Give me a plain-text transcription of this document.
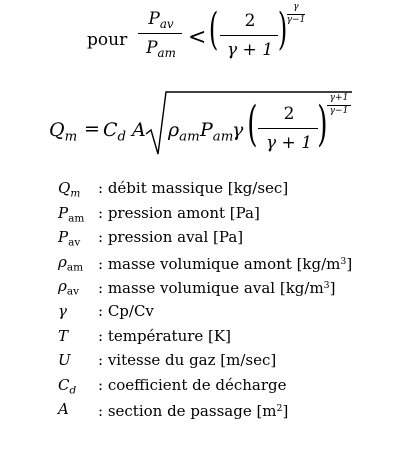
pour
$P_{av}$
$P_{am}$
< (	2
γ + 1 ) γ
γ−1
$Q_m = C_d$ A $\rho_{am}$ $P_{am}$
γ (	2
γ + 1 ) γ+1
γ−1
$Q_m$	: débit massique [kg/sec]
$P_{am}$ : pression amont [Pa]
$P_{av}$	: pression aval [Pa]
$\rho_{am}$ : masse volumique amont $[kg/m^3]$
$\rho_{av}$	: masse volumique aval $[kg/m^3]$
γ	: Cp/Cv
T	: température [K]
U	: vitesse du gaz [m/sec]
$C_d$	: coefficient de décharge
A	: section de passage $[m^2]$
